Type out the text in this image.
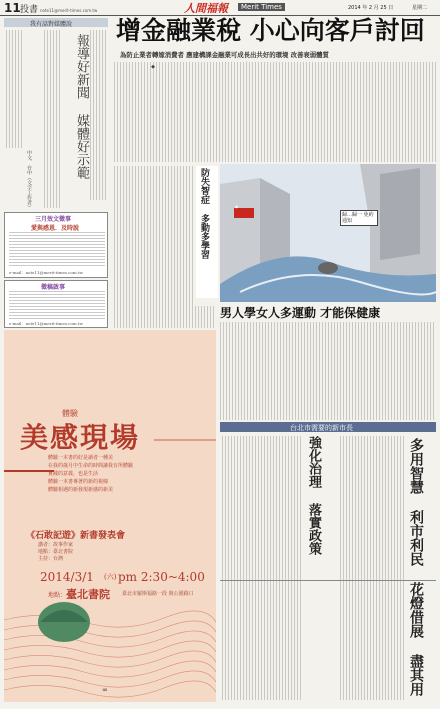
11 投書 note11@merit-times.com.tw	人間福報	Merit Times	2014 年 2 月 25 日	星期二
我有話對媒體說
報導好新聞 媒體好示範
中文．台中（文字工作者）
三月效文徵事
愛與感恩．及時說
e-mail：note11@merit-times.com.tw
徵稿啟事
e-mail：note11@merit-times.com.tw
增金融業稅 小心向客戶討回
為防止業者轉嫁消費者 應建構課金融業可成長出共好的環境 改善衰弱體質
◆
防失智症 多動多學習	◆
歸…歸一 免約通知
男人學女人多運動 才能保健康
台北市需要的新市長
強化治理 落實政策	多用智慧 利市利民
花燈借展 盡其用
美感現場
體驗
體驗一本書的好是讀者一種美
在我的歲月中生命的時間讓我有所體驗
實踐的意義，也是生活
體驗一本書專著的新的視線
體驗相遇的新發現新感的新美
《石敢記遊》新書發表會
講者：故事作家
地點：臺北書院
主持：台灣
2014/3/1 (六) pm 2:30~4:00
地點： 臺北書院 臺北市羅斯福路一段 與公園路口
∞
